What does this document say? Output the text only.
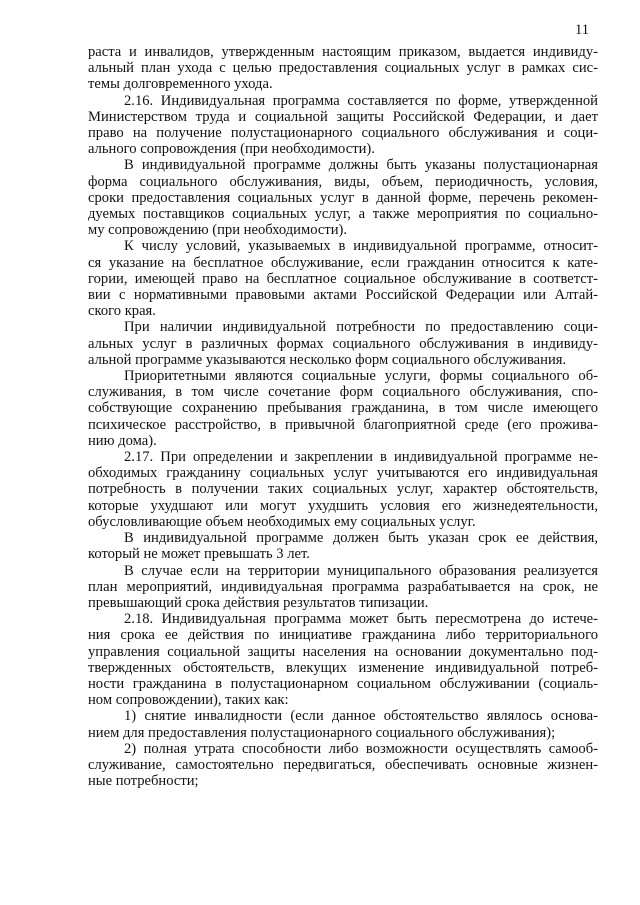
11

раста и инвалидов, утвержденным настоящим приказом, выдается индивиду-

альный план ухода с целью предоставления социальных услуг в рамках сис-

темы долговременного ухода.

2.16. Индивидуальная программа составляется по форме, утвержденной

Министерством труда и социальной защиты Российской Федерации, и дает

право на получение полустационарного социального обслуживания и соци-

ального сопровождения (при необходимости).

В индивидуальной программе должны быть указаны полустационарная

форма социального обслуживания, виды, объем, периодичность, условия,

сроки предоставления социальных услуг в данной форме, перечень рекомен-

дуемых поставщиков социальных услуг, а также мероприятия по социально-

му сопровождению (при необходимости).

К числу условий, указываемых в индивидуальной программе, относит-

ся указание на бесплатное обслуживание, если гражданин относится к кате-

гории, имеющей право на бесплатное социальное обслуживание в соответст-

вии с нормативными правовыми актами Российской Федерации или Алтай-

ского края.

При наличии индивидуальной потребности по предоставлению соци-

альных услуг в различных формах социального обслуживания в индивиду-

альной программе указываются несколько форм социального обслуживания.

Приоритетными являются социальные услуги, формы социального об-

служивания, в том числе сочетание форм социального обслуживания, спо-

собствующие сохранению пребывания гражданина, в том числе имеющего

психическое расстройство, в привычной благоприятной среде (его прожива-

нию дома).

2.17. При определении и закреплении в индивидуальной программе не-

обходимых гражданину социальных услуг учитываются его индивидуальная

потребность в получении таких социальных услуг, характер обстоятельств,

которые ухудшают или могут ухудшить условия его жизнедеятельности,

обусловливающие объем необходимых ему социальных услуг.

В индивидуальной программе должен быть указан срок ее действия,

который не может превышать 3 лет.

В случае если на территории муниципального образования реализуется

план мероприятий, индивидуальная программа разрабатывается на срок, не

превышающий срока действия результатов типизации.

2.18. Индивидуальная программа может быть пересмотрена до истече-

ния срока ее действия по инициативе гражданина либо территориального

управления социальной защиты населения на основании документально под-

твержденных обстоятельств, влекущих изменение индивидуальной потреб-

ности гражданина в полустационарном социальном обслуживании (социаль-

ном сопровождении), таких как:

1) снятие инвалидности (если данное обстоятельство являлось основа-

нием для предоставления полустационарного социального обслуживания);

2) полная утрата способности либо возможности осуществлять самооб-

служивание, самостоятельно передвигаться, обеспечивать основные жизнен-

ные потребности;
